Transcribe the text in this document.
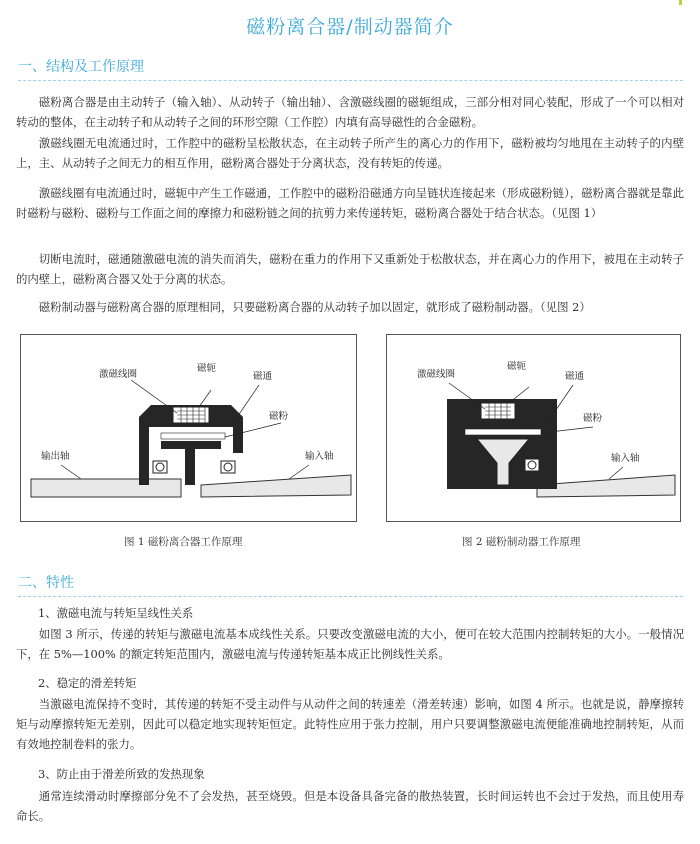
磁粉离合器/制动器简介
一、结构及工作原理
磁粉离合器是由主动转子（输入轴）、从动转子（输出轴）、含激磁线圈的磁轭组成，三部分相对同心装配，形成了一个可以相对转动的整体，在主动转子和从动转子之间的环形空隙（工作腔）内填有高导磁性的合金磁粉。
激磁线圈无电流通过时，工作腔中的磁粉呈松散状态，在主动转子所产生的离心力的作用下，磁粉被均匀地甩在主动转子的内壁上，主、从动转子之间无力的相互作用，磁粉离合器处于分离状态，没有转矩的传递。
激磁线圈有电流通过时，磁轭中产生工作磁通，工作腔中的磁粉沿磁通方向呈链状连接起来（形成磁粉链），磁粉离合器就是靠此时磁粉与磁粉、磁粉与工作面之间的摩擦力和磁粉链之间的抗剪力来传递转矩，磁粉离合器处于结合状态。（见图 1）
切断电流时，磁通随激磁电流的消失而消失，磁粉在重力的作用下又重新处于松散状态，并在离心力的作用下，被甩在主动转子的内壁上，磁粉离合器又处于分离的状态。
磁粉制动器与磁粉离合器的原理相同，只要磁粉离合器的从动转子加以固定，就形成了磁粉制动器。（见图 2）
磁轭
激磁线圈	磁通
磁粉
输出轴	输入轴
图 1 磁粉离合器工作原理
磁轭
激磁线圈	磁通
磁粉
输入轴
图 2 磁粉制动器工作原理
二、特性
1、激磁电流与转矩呈线性关系
如图 3 所示，传递的转矩与激磁电流基本成线性关系。只要改变激磁电流的大小，便可在较大范围内控制转矩的大小。一般情况下，在 5%—100% 的额定转矩范围内，激磁电流与传递转矩基本成正比例线性关系。
2、稳定的滑差转矩
当激磁电流保持不变时，其传递的转矩不受主动件与从动件之间的转速差（滑差转速）影响，如图 4 所示。也就是说，静摩擦转矩与动摩擦转矩无差别，因此可以稳定地实现转矩恒定。此特性应用于张力控制，用户只要调整激磁电流便能准确地控制转矩，从而有效地控制卷料的张力。
3、防止由于滑差所致的发热现象
通常连续滑动时摩擦部分免不了会发热，甚至烧毁。但是本设备具备完备的散热装置，长时间运转也不会过于发热，而且使用寿命长。
